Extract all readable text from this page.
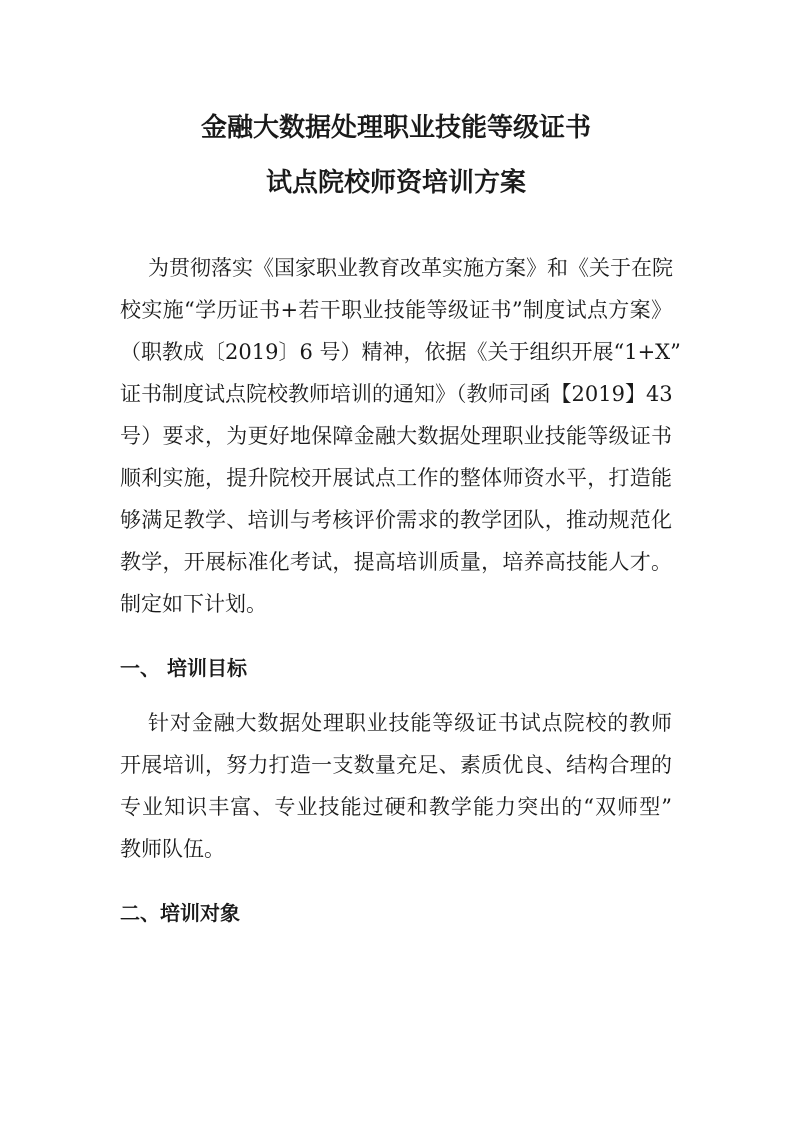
金融大数据处理职业技能等级证书
试点院校师资培训方案
为贯彻落实《国家职业教育改革实施方案》和《关于在院
校实施“学历证书+若干职业技能等级证书”制度试点方案》
（职教成〔2019〕6 号）精神，依据《关于组织开展“1+X”
证书制度试点院校教师培训的通知》（教师司函【2019】43
号）要求，为更好地保障金融大数据处理职业技能等级证书
顺利实施，提升院校开展试点工作的整体师资水平，打造能
够满足教学、培训与考核评价需求的教学团队，推动规范化
教学，开展标准化考试，提高培训质量，培养高技能人才。
制定如下计划。
一、 培训目标
针对金融大数据处理职业技能等级证书试点院校的教师
开展培训，努力打造一支数量充足、素质优良、结构合理的
专业知识丰富、专业技能过硬和教学能力突出的“双师型”
教师队伍。
二、培训对象
